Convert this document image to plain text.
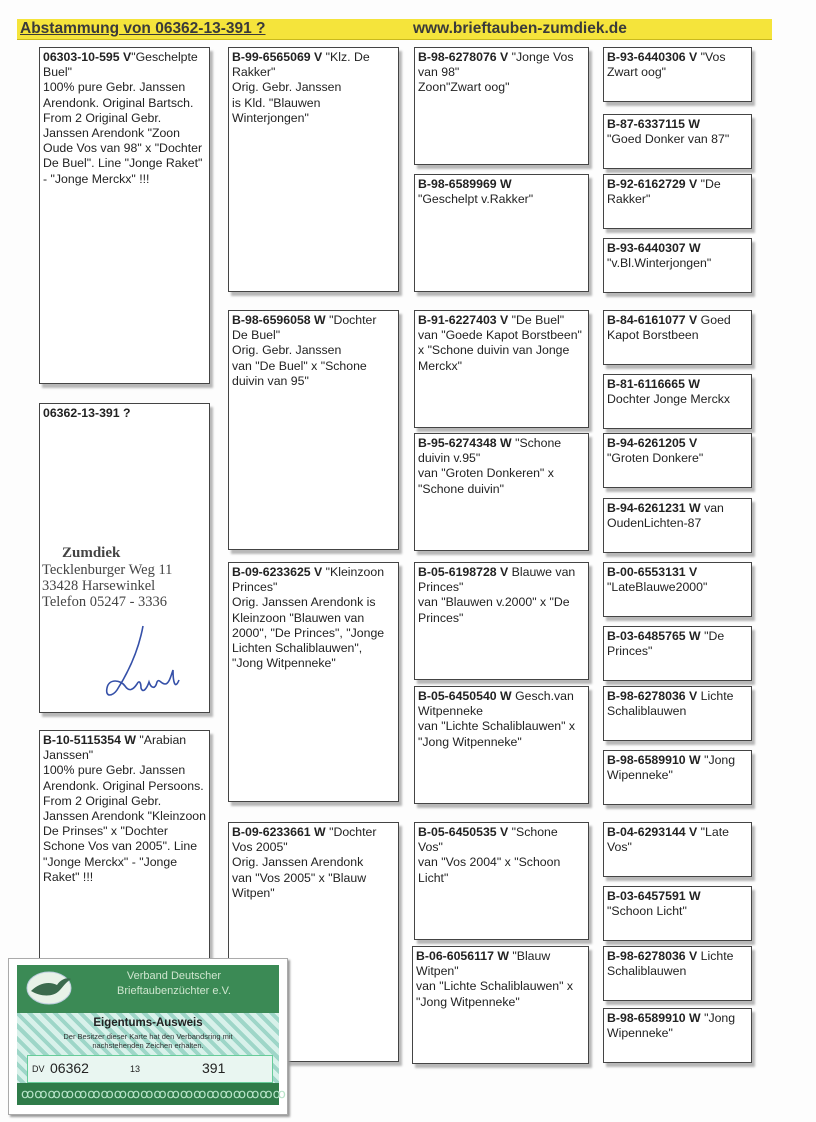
Abstammung von 06362-13-391 ?	www.brieftauben-zumdiek.de
06303-10-595 V"Geschelpte Buel"
100% pure Gebr. Janssen Arendonk. Original Bartsch. From 2 Original Gebr. Janssen Arendonk "Zoon Oude Vos van 98" x "Dochter De Buel". Line "Jonge Raket" - "Jonge Merckx" !!!
06362-13-391 ?
B-10-5115354 W "Arabian Janssen"
100% pure Gebr. Janssen Arendonk. Original Persoons. From 2 Original Gebr. Janssen Arendonk "Kleinzoon De Prinses" x "Dochter Schone Vos van 2005". Line "Jonge Merckx" - "Jonge Raket" !!!
B-99-6565069 V "Klz. De Rakker"
Orig. Gebr. Janssen
is Kld. "Blauwen Winterjongen"
B-98-6596058 W "Dochter De Buel"
Orig. Gebr. Janssen
van "De Buel" x "Schone duivin van 95"
B-09-6233625 V "Kleinzoon Princes"
Orig. Janssen Arendonk is Kleinzoon "Blauwen van 2000", "De Princes", "Jonge Lichten Schaliblauwen", "Jong Witpenneke"
B-09-6233661 W "Dochter Vos 2005"
Orig. Janssen Arendonk
van "Vos 2005" x "Blauw Witpen"
B-98-6278076 V "Jonge Vos van 98"
Zoon"Zwart oog"
B-98-6589969 W
"Geschelpt v.Rakker"
B-91-6227403 V "De Buel"
van "Goede Kapot Borstbeen" x "Schone duivin van Jonge Merckx"
B-95-6274348 W "Schone duivin v.95"
van "Groten Donkeren" x "Schone duivin"
B-05-6198728 V Blauwe van Princes"
van "Blauwen v.2000" x "De Princes"
B-05-6450540 W Gesch.van Witpenneke
van "Lichte Schaliblauwen" x "Jong Witpenneke"
B-05-6450535 V "Schone Vos"
van "Vos 2004" x "Schoon Licht"
B-06-6056117 W "Blauw Witpen"
van "Lichte Schaliblauwen" x "Jong Witpenneke"
B-93-6440306 V "Vos Zwart oog"
B-87-6337115 W
"Goed Donker van 87"
B-92-6162729 V "De Rakker"
B-93-6440307 W
"v.Bl.Winterjongen"
B-84-6161077 V Goed Kapot Borstbeen
B-81-6116665 W
Dochter Jonge Merckx
B-94-6261205 V
"Groten Donkere"
B-94-6261231 W van OudenLichten-87
B-00-6553131 V
"LateBlauwe2000"
B-03-6485765 W "De Princes"
B-98-6278036 V Lichte Schaliblauwen
B-98-6589910 W "Jong Wipenneke"
B-04-6293144 V "Late Vos"
B-03-6457591 W
"Schoon Licht"
B-98-6278036 V Lichte Schaliblauwen
B-98-6589910 W "Jong Wipenneke"
Zumdiek
Tecklenburger Weg 11
33428 Harsewinkel
Telefon 05247 - 3336
Verband Deutscher
Brieftaubenzüchter e.V.
Eigentums-Ausweis
Der Besitzer dieser Karte hat den Verbandsring mit nachstehenden Zeichen erhalten.
DV 06362	13	391
ꝏꝏꝏꝏꝏꝏꝏꝏꝏꝏꝏꝏꝏꝏꝏꝏꝏꝏꝏꝏ
